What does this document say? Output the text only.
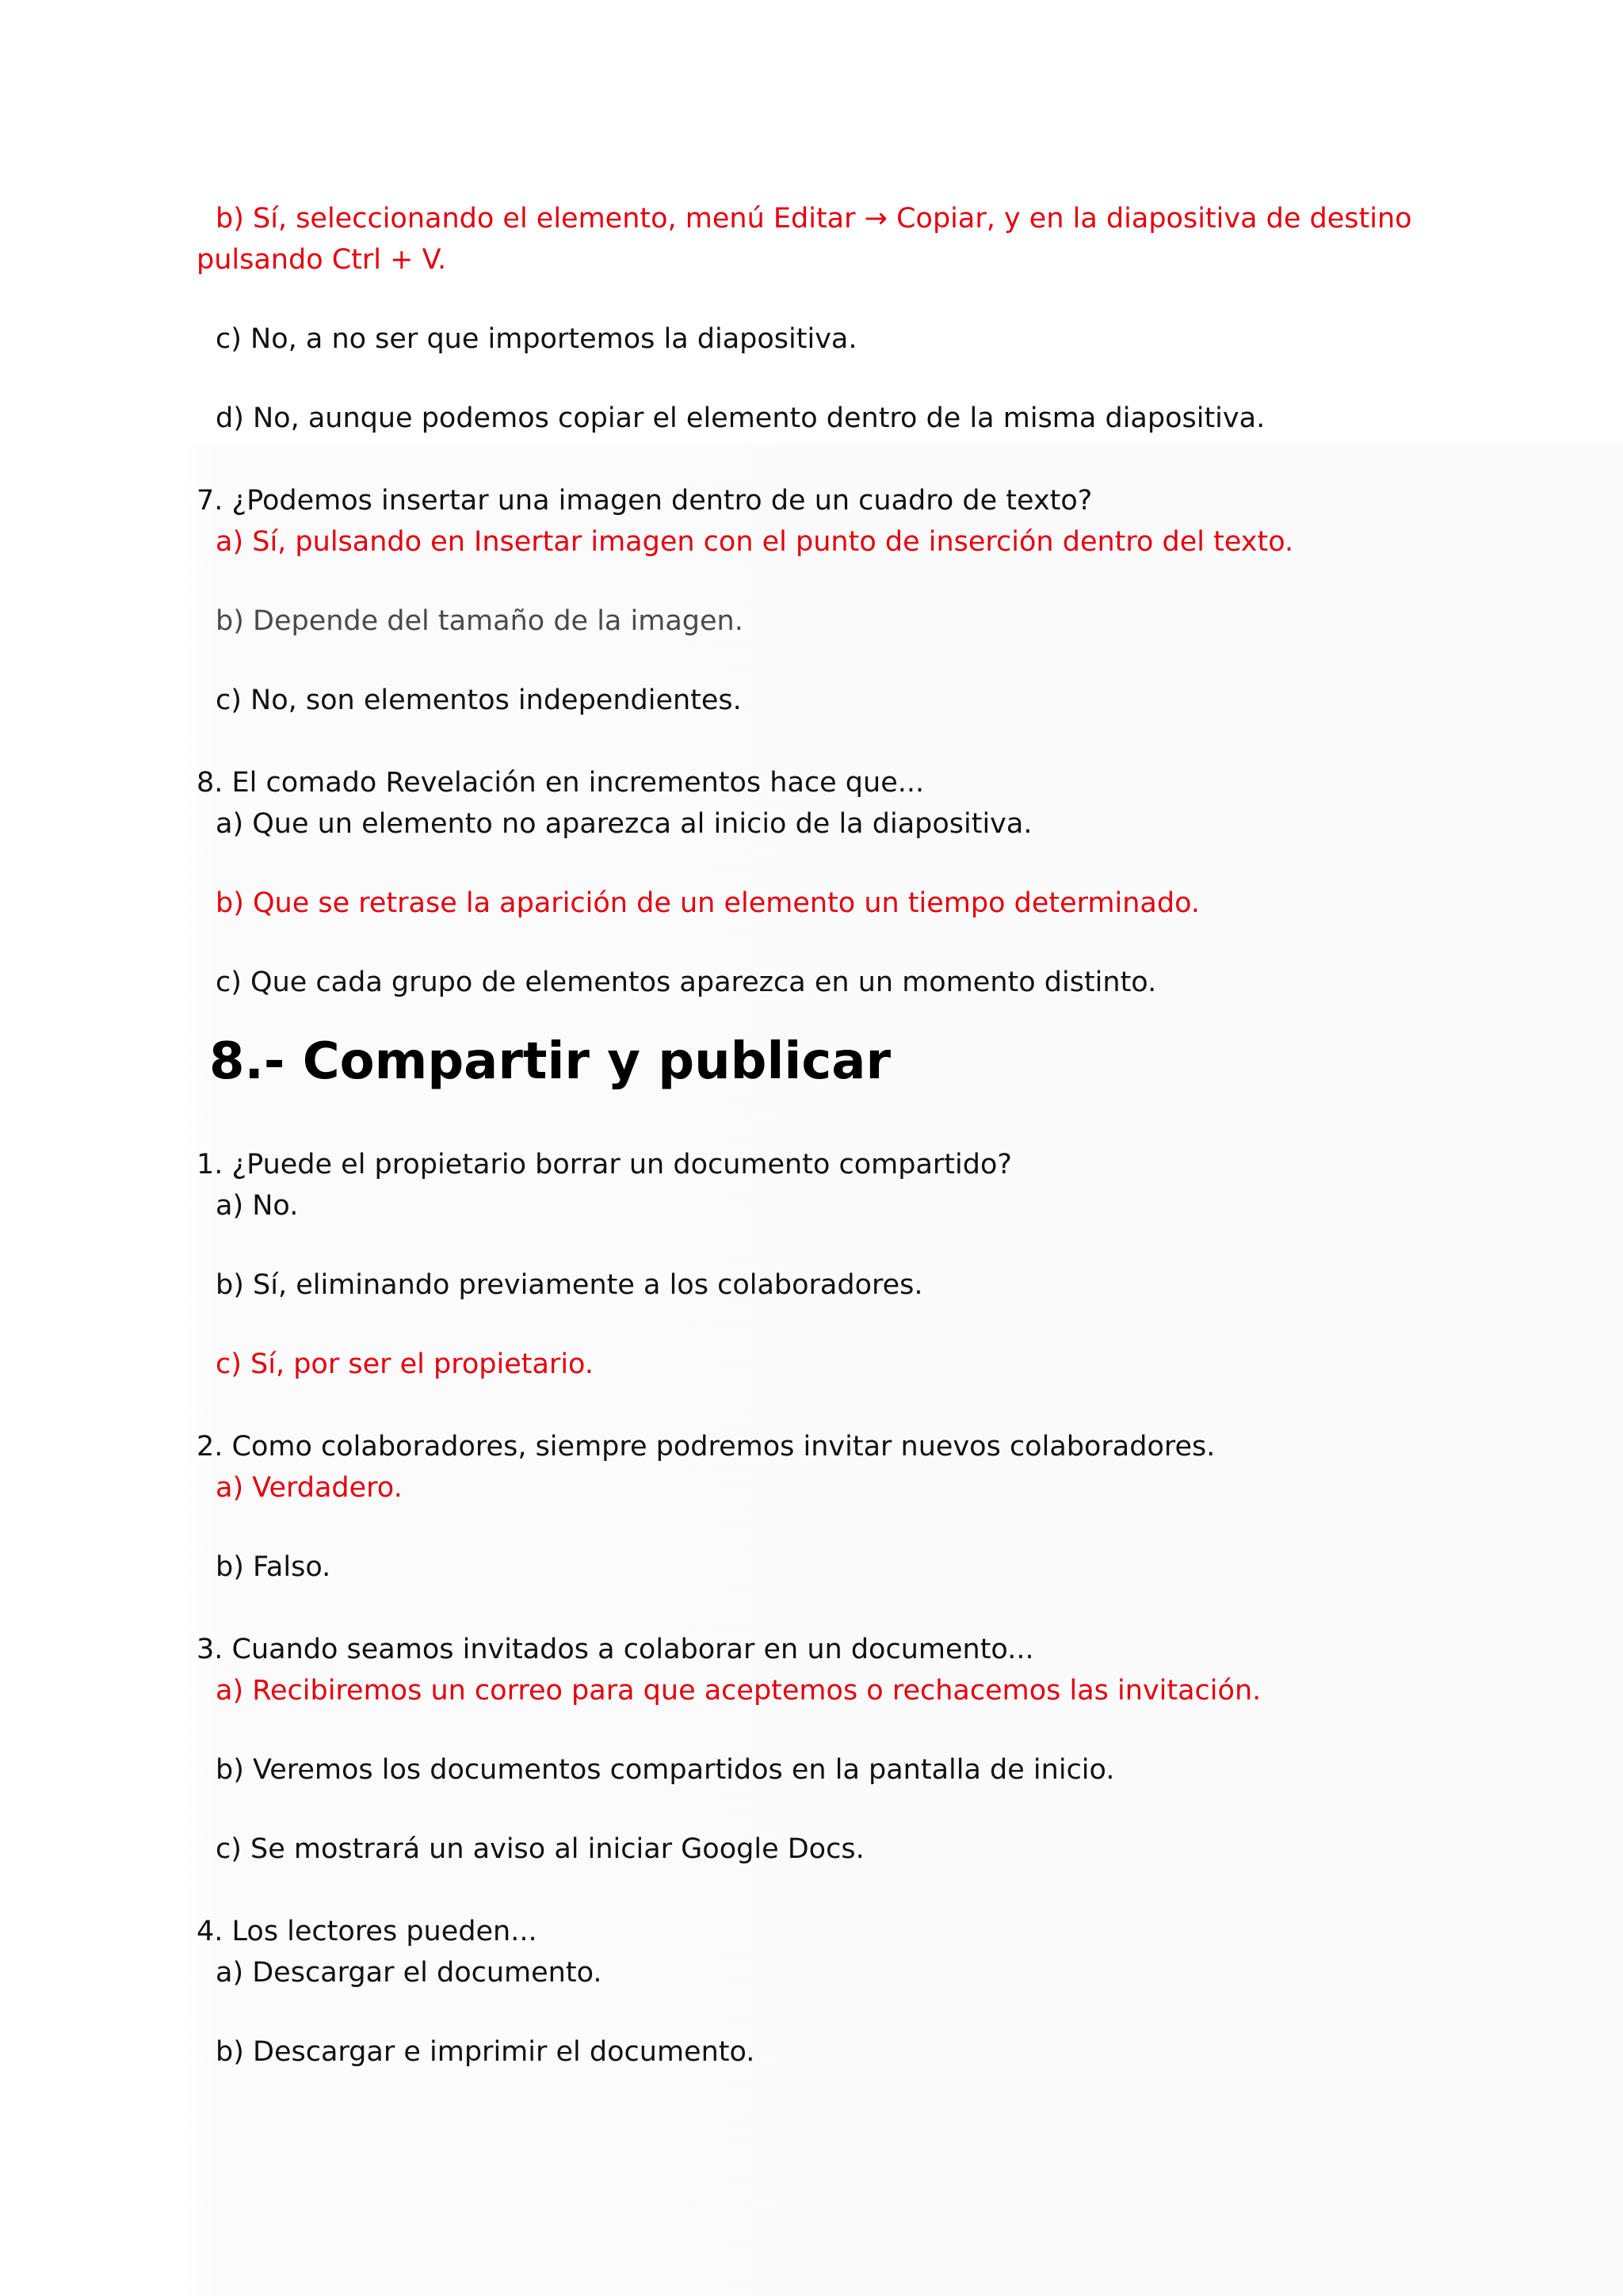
b) Sí, seleccionando el elemento, menú Editar → Copiar, y en la diapositiva de destino

pulsando Ctrl + V.

c) No, a no ser que importemos la diapositiva.

d) No, aunque podemos copiar el elemento dentro de la misma diapositiva.

7. ¿Podemos insertar una imagen dentro de un cuadro de texto?

a) Sí, pulsando en Insertar imagen con el punto de inserción dentro del texto.

b) Depende del tamaño de la imagen.

c) No, son elementos independientes.

8. El comado Revelación en incrementos hace que...

a) Que un elemento no aparezca al inicio de la diapositiva.

b) Que se retrase la aparición de un elemento un tiempo determinado.

c) Que cada grupo de elementos aparezca en un momento distinto.

8.- Compartir y publicar

1. ¿Puede el propietario borrar un documento compartido?

a) No.

b) Sí, eliminando previamente a los colaboradores.

c) Sí, por ser el propietario.

2. Como colaboradores, siempre podremos invitar nuevos colaboradores.

a) Verdadero.

b) Falso.

3. Cuando seamos invitados a colaborar en un documento...

a) Recibiremos un correo para que aceptemos o rechacemos las invitación.

b) Veremos los documentos compartidos en la pantalla de inicio.

c) Se mostrará un aviso al iniciar Google Docs.

4. Los lectores pueden...

a) Descargar el documento.

b) Descargar e imprimir el documento.
